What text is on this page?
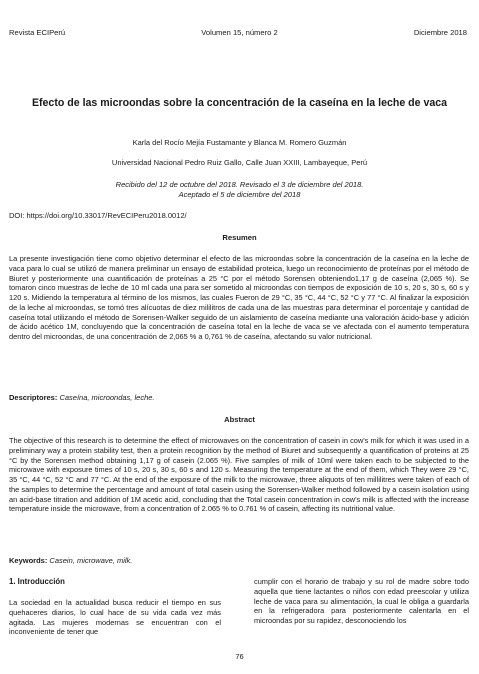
Revista ECIPerú	Volumen 15, número 2	Diciembre 2018
Efecto de las microondas sobre la concentración de la caseína en la leche de vaca
Karla del Rocío Mejía Fustamante y Blanca M. Romero Guzmán
Universidad Nacional Pedro Ruiz Gallo, Calle Juan XXIII, Lambayeque, Perú
Recibido del 12 de octubre del 2018. Revisado el 3 de diciembre del 2018.
Aceptado el 5 de diciembre del 2018
DOI: https://doi.org/10.33017/RevECIPeru2018.0012/
Resumen
La presente investigación tiene como objetivo determinar el efecto de las microondas sobre la concentración de la caseína en la leche de vaca para lo cual se utilizó de manera preliminar un ensayo de estabilidad proteica, luego un reconocimiento de proteínas por el método de Biuret y posteriormente una cuantificación de proteínas a 25 °C por el método Sorensen obteniendo1,17 g de caseína (2,065 %). Se tomaron cinco muestras de leche de 10 ml cada una para ser sometido al microondas con tiempos de exposición de 10 s, 20 s, 30 s, 60 s y 120 s. Midiendo la temperatura al término de los mismos, las cuales Fueron de 29 °C, 35 °C, 44 °C, 52 °C y 77 °C. Al finalizar la exposición de la leche al microondas, se tomó tres alícuotas de diez mililitros de cada una de las muestras para determinar el porcentaje y cantidad de caseína total utilizando el método de Sorensen-Walker seguido de un aislamiento de caseína mediante una valoración ácido-base y adición de ácido acético 1M, concluyendo que la concentración de caseína total en la leche de vaca se ve afectada con el aumento temperatura dentro del microondas, de una concentración de 2,065 % a 0,761 % de caseína, afectando su valor nutricional.
Descriptores: Caseína, microondas, leche.
Abstract
The objective of this research is to determine the effect of microwaves on the concentration of casein in cow's milk for which it was used in a preliminary way a protein stability test, then a protein recognition by the method of Biuret and subsequently a quantification of proteins at 25 °C by the Sorensen method obtaining 1,17 g of casein (2.065 %). Five samples of milk of 10ml were taken each to be subjected to the microwave with exposure times of 10 s, 20 s, 30 s, 60 s and 120 s. Measuring the temperature at the end of them, which They were 29 °C, 35 °C, 44 °C, 52 °C and 77 °C. At the end of the exposure of the milk to the microwave, three aliquots of ten millilitres were taken of each of the samples to determine the percentage and amount of total casein using the Sorensen-Walker method followed by a casein isolation using an acid-base titration and addition of 1M acetic acid, concluding that the Total casein concentration in cow's milk is affected with the increase temperature inside the microwave, from a concentration of 2.065 % to 0.761 % of casein, affecting its nutritional value.
Keywords: Casein, microwave, milk.
1. Introducción
La sociedad en la actualidad busca reducir el tiempo en sus quehaceres diarios, lo cual hace de su vida cada vez más agitada. Las mujeres modernas se encuentran con el inconveniente de tener que
cumplir con el horario de trabajo y su rol de madre sobre todo aquella que tiene lactantes o niños con edad preescolar y utiliza leche de vaca para su alimentación, la cual le obliga a guardarla en la refrigeradora para posteriormente calentarla en el microondas por su rapidez, desconociendo los
76
